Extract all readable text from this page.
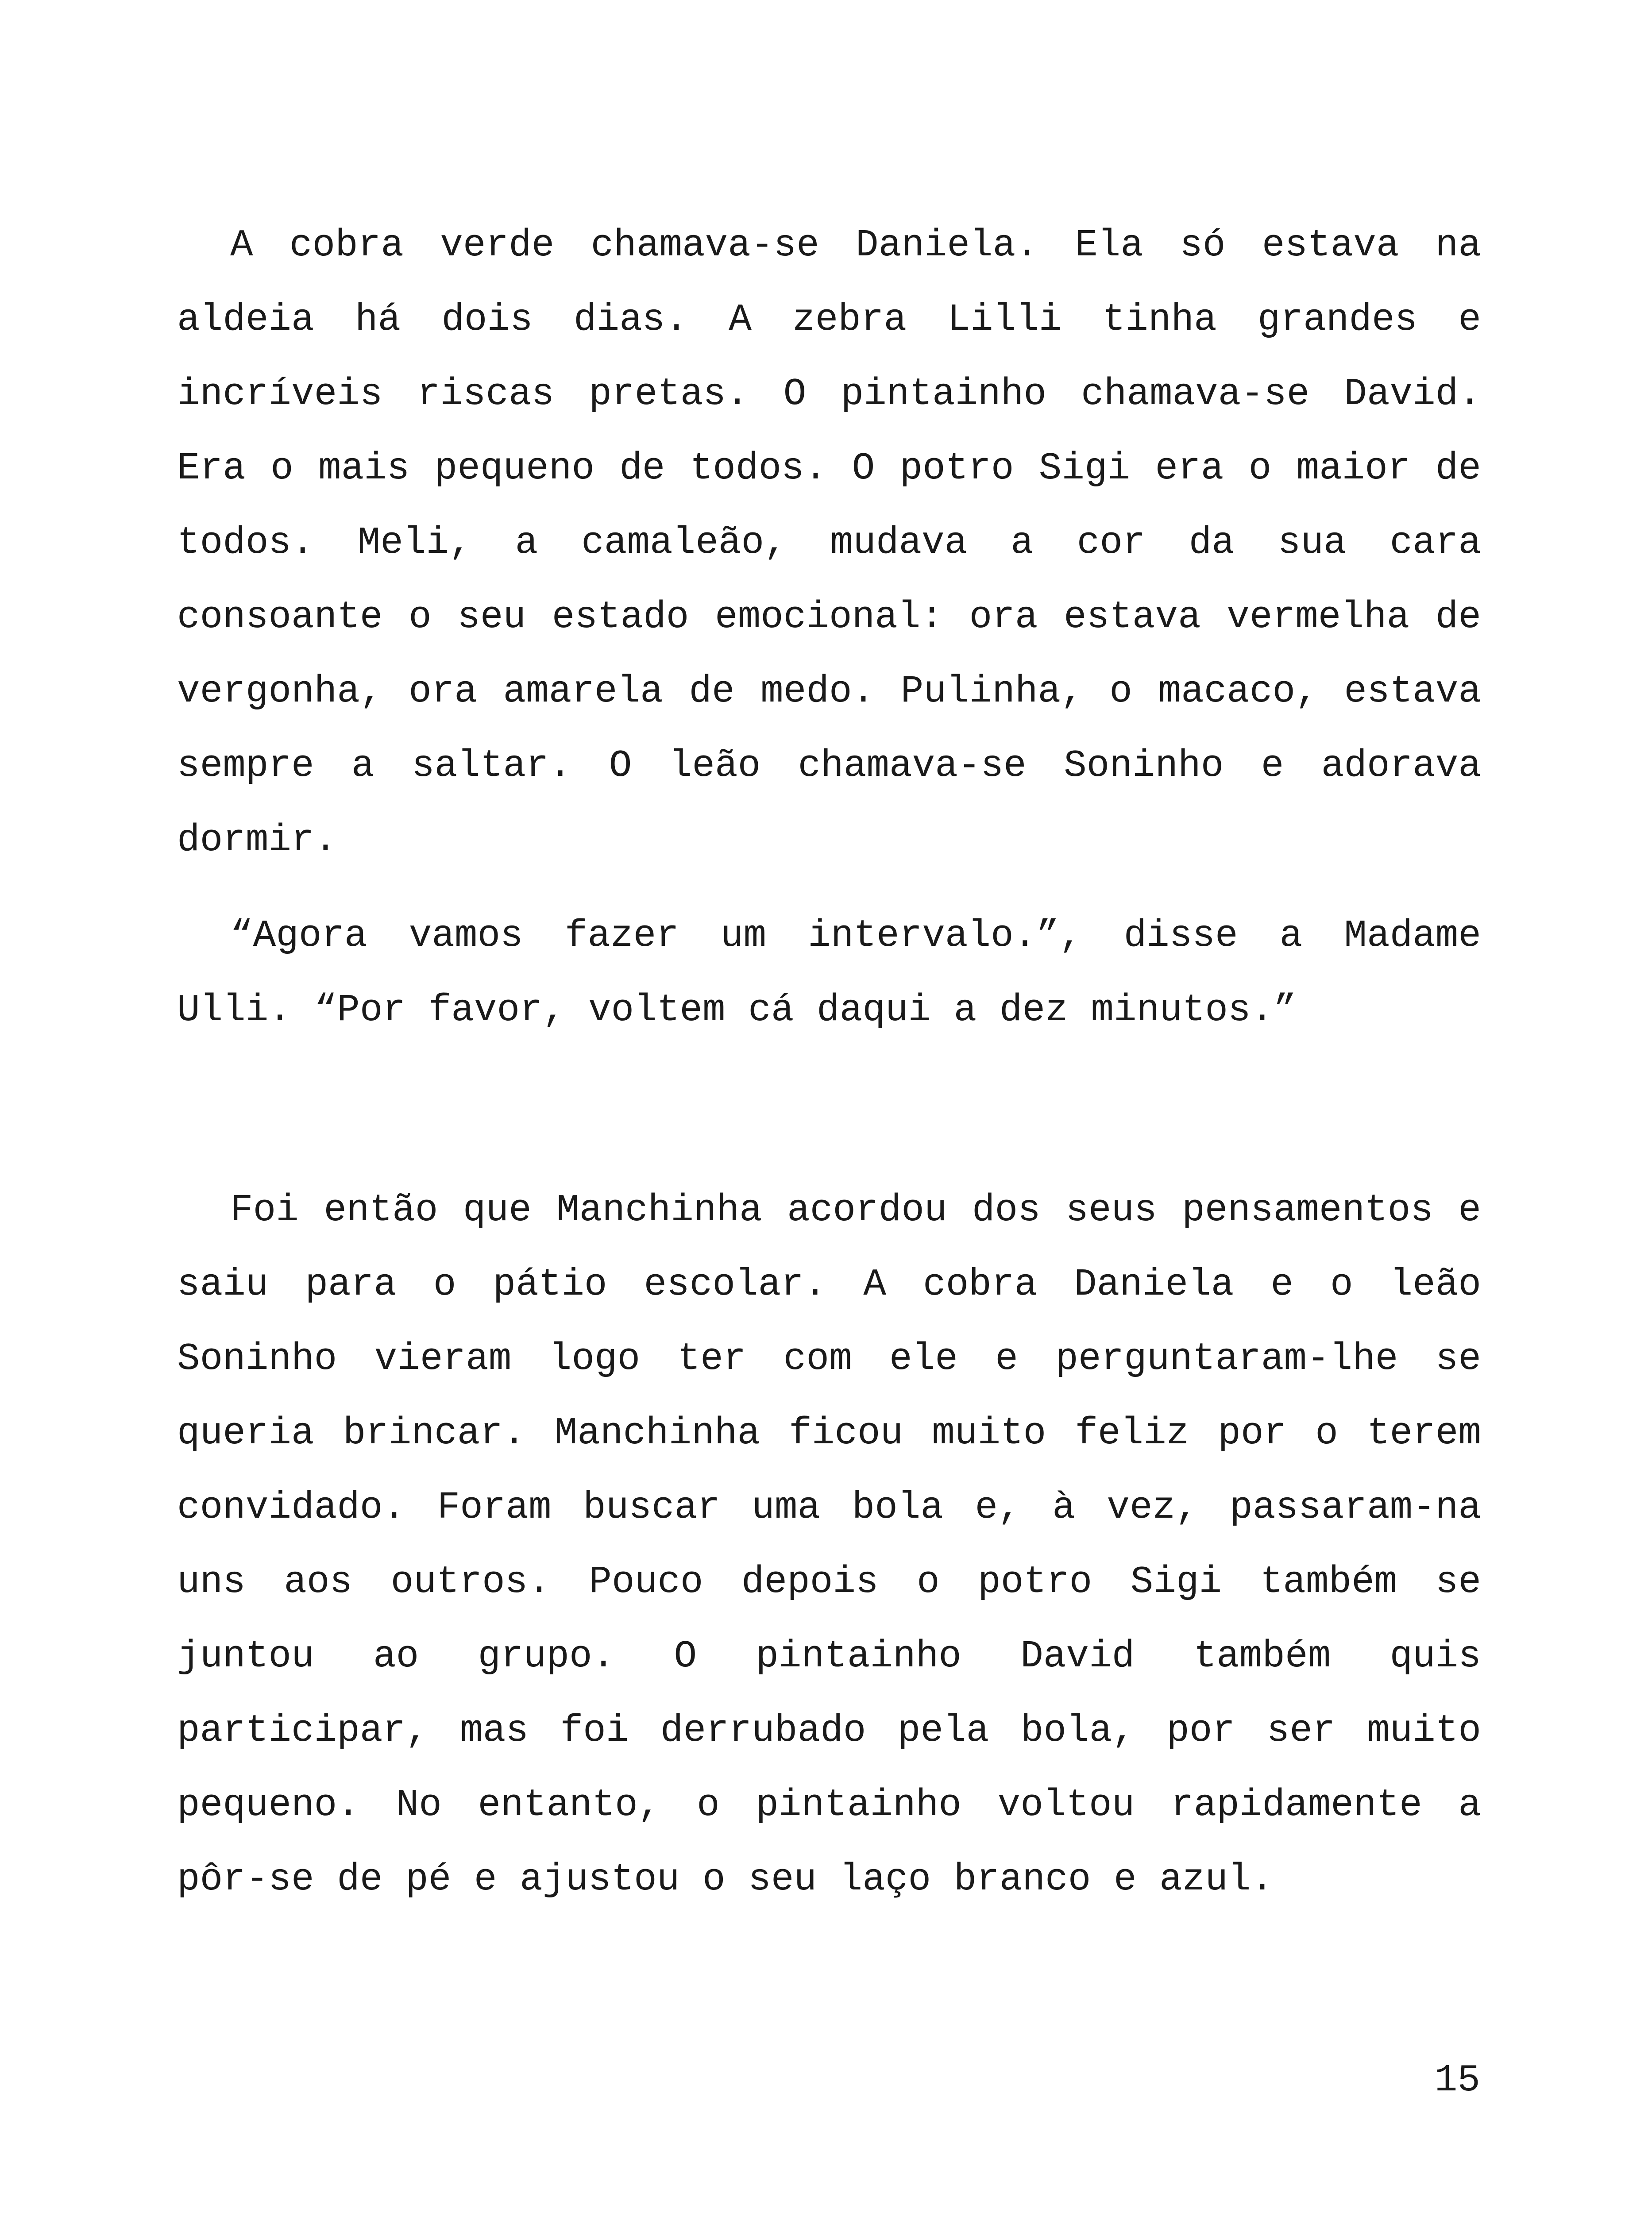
A cobra verde chamava-se Daniela. Ela só estava na aldeia há dois dias. A zebra Lilli tinha grandes e incríveis riscas pretas. O pintainho chamava-se David. Era o mais pequeno de todos. O potro Sigi era o maior de todos. Meli, a camaleão, mudava a cor da sua cara consoante o seu estado emocional: ora estava vermelha de vergonha, ora amarela de medo. Pulinha, o macaco, estava sempre a saltar. O leão chamava-se Soninho e adorava dormir.

“Agora vamos fazer um intervalo.”, disse a Madame Ulli. “Por favor, voltem cá daqui a dez minutos.”

Foi então que Manchinha acordou dos seus pensamentos e saiu para o pátio escolar. A cobra Daniela e o leão Soninho vieram logo ter com ele e perguntaram-lhe se queria brincar. Manchinha ficou muito feliz por o terem convidado. Foram buscar uma bola e, à vez, passaram-na uns aos outros. Pouco depois o potro Sigi também se juntou ao grupo. O pintainho David também quis participar, mas foi derrubado pela bola, por ser muito pequeno. No entanto, o pintainho voltou rapidamente a pôr-se de pé e ajustou o seu laço branco e azul.

15
